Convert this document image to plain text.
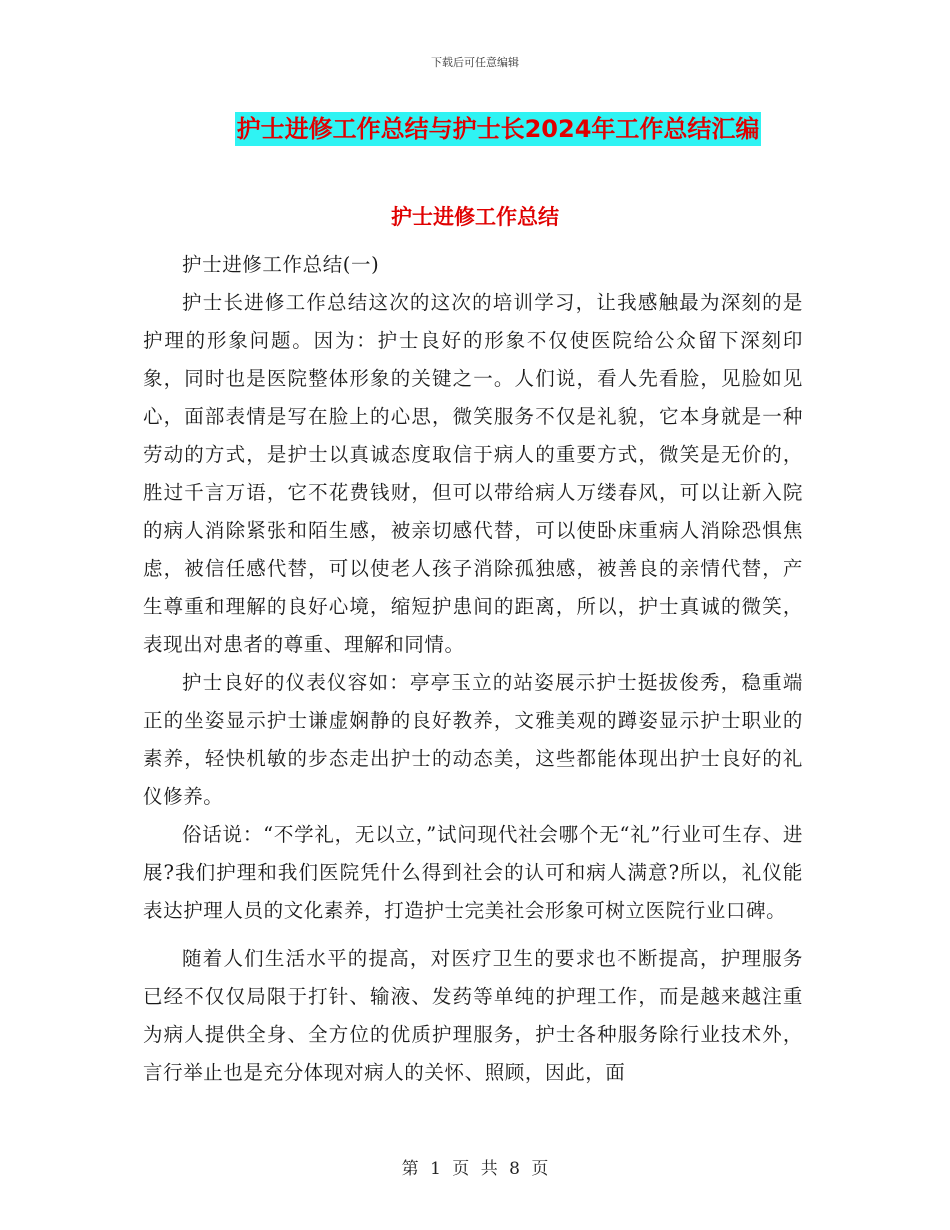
下载后可任意编辑
护士进修工作总结与护士长2024年工作总结汇编
护士进修工作总结

护士进修工作总结(一)

护士长进修工作总结这次的这次的培训学习，让我感触最为深刻的是护理的形象问题。因为：护士良好的形象不仅使医院给公众留下深刻印象，同时也是医院整体形象的关键之一。人们说，看人先看脸，见脸如见心，面部表情是写在脸上的心思，微笑服务不仅是礼貌，它本身就是一种劳动的方式，是护士以真诚态度取信于病人的重要方式，微笑是无价的，胜过千言万语，它不花费钱财，但可以带给病人万缕春风，可以让新入院的病人消除紧张和陌生感，被亲切感代替，可以使卧床重病人消除恐惧焦虑，被信任感代替，可以使老人孩子消除孤独感，被善良的亲情代替，产生尊重和理解的良好心境，缩短护患间的距离，所以，护士真诚的微笑，表现出对患者的尊重、理解和同情。

护士良好的仪表仪容如：亭亭玉立的站姿展示护士挺拔俊秀，稳重端正的坐姿显示护士谦虚娴静的良好教养，文雅美观的蹲姿显示护士职业的素养，轻快机敏的步态走出护士的动态美，这些都能体现出护士良好的礼仪修养。

俗话说：“不学礼，无以立，”试问现代社会哪个无“礼”行业可生存、进展?我们护理和我们医院凭什么得到社会的认可和病人满意?所以，礼仪能表达护理人员的文化素养，打造护士完美社会形象可树立医院行业口碑。

随着人们生活水平的提高，对医疗卫生的要求也不断提高，护理服务已经不仅仅局限于打针、输液、发药等单纯的护理工作，而是越来越注重为病人提供全身、全方位的优质护理服务，护士各种服务除行业技术外，言行举止也是充分体现对病人的关怀、照顾，因此，面

第 1 页 共 8 页
